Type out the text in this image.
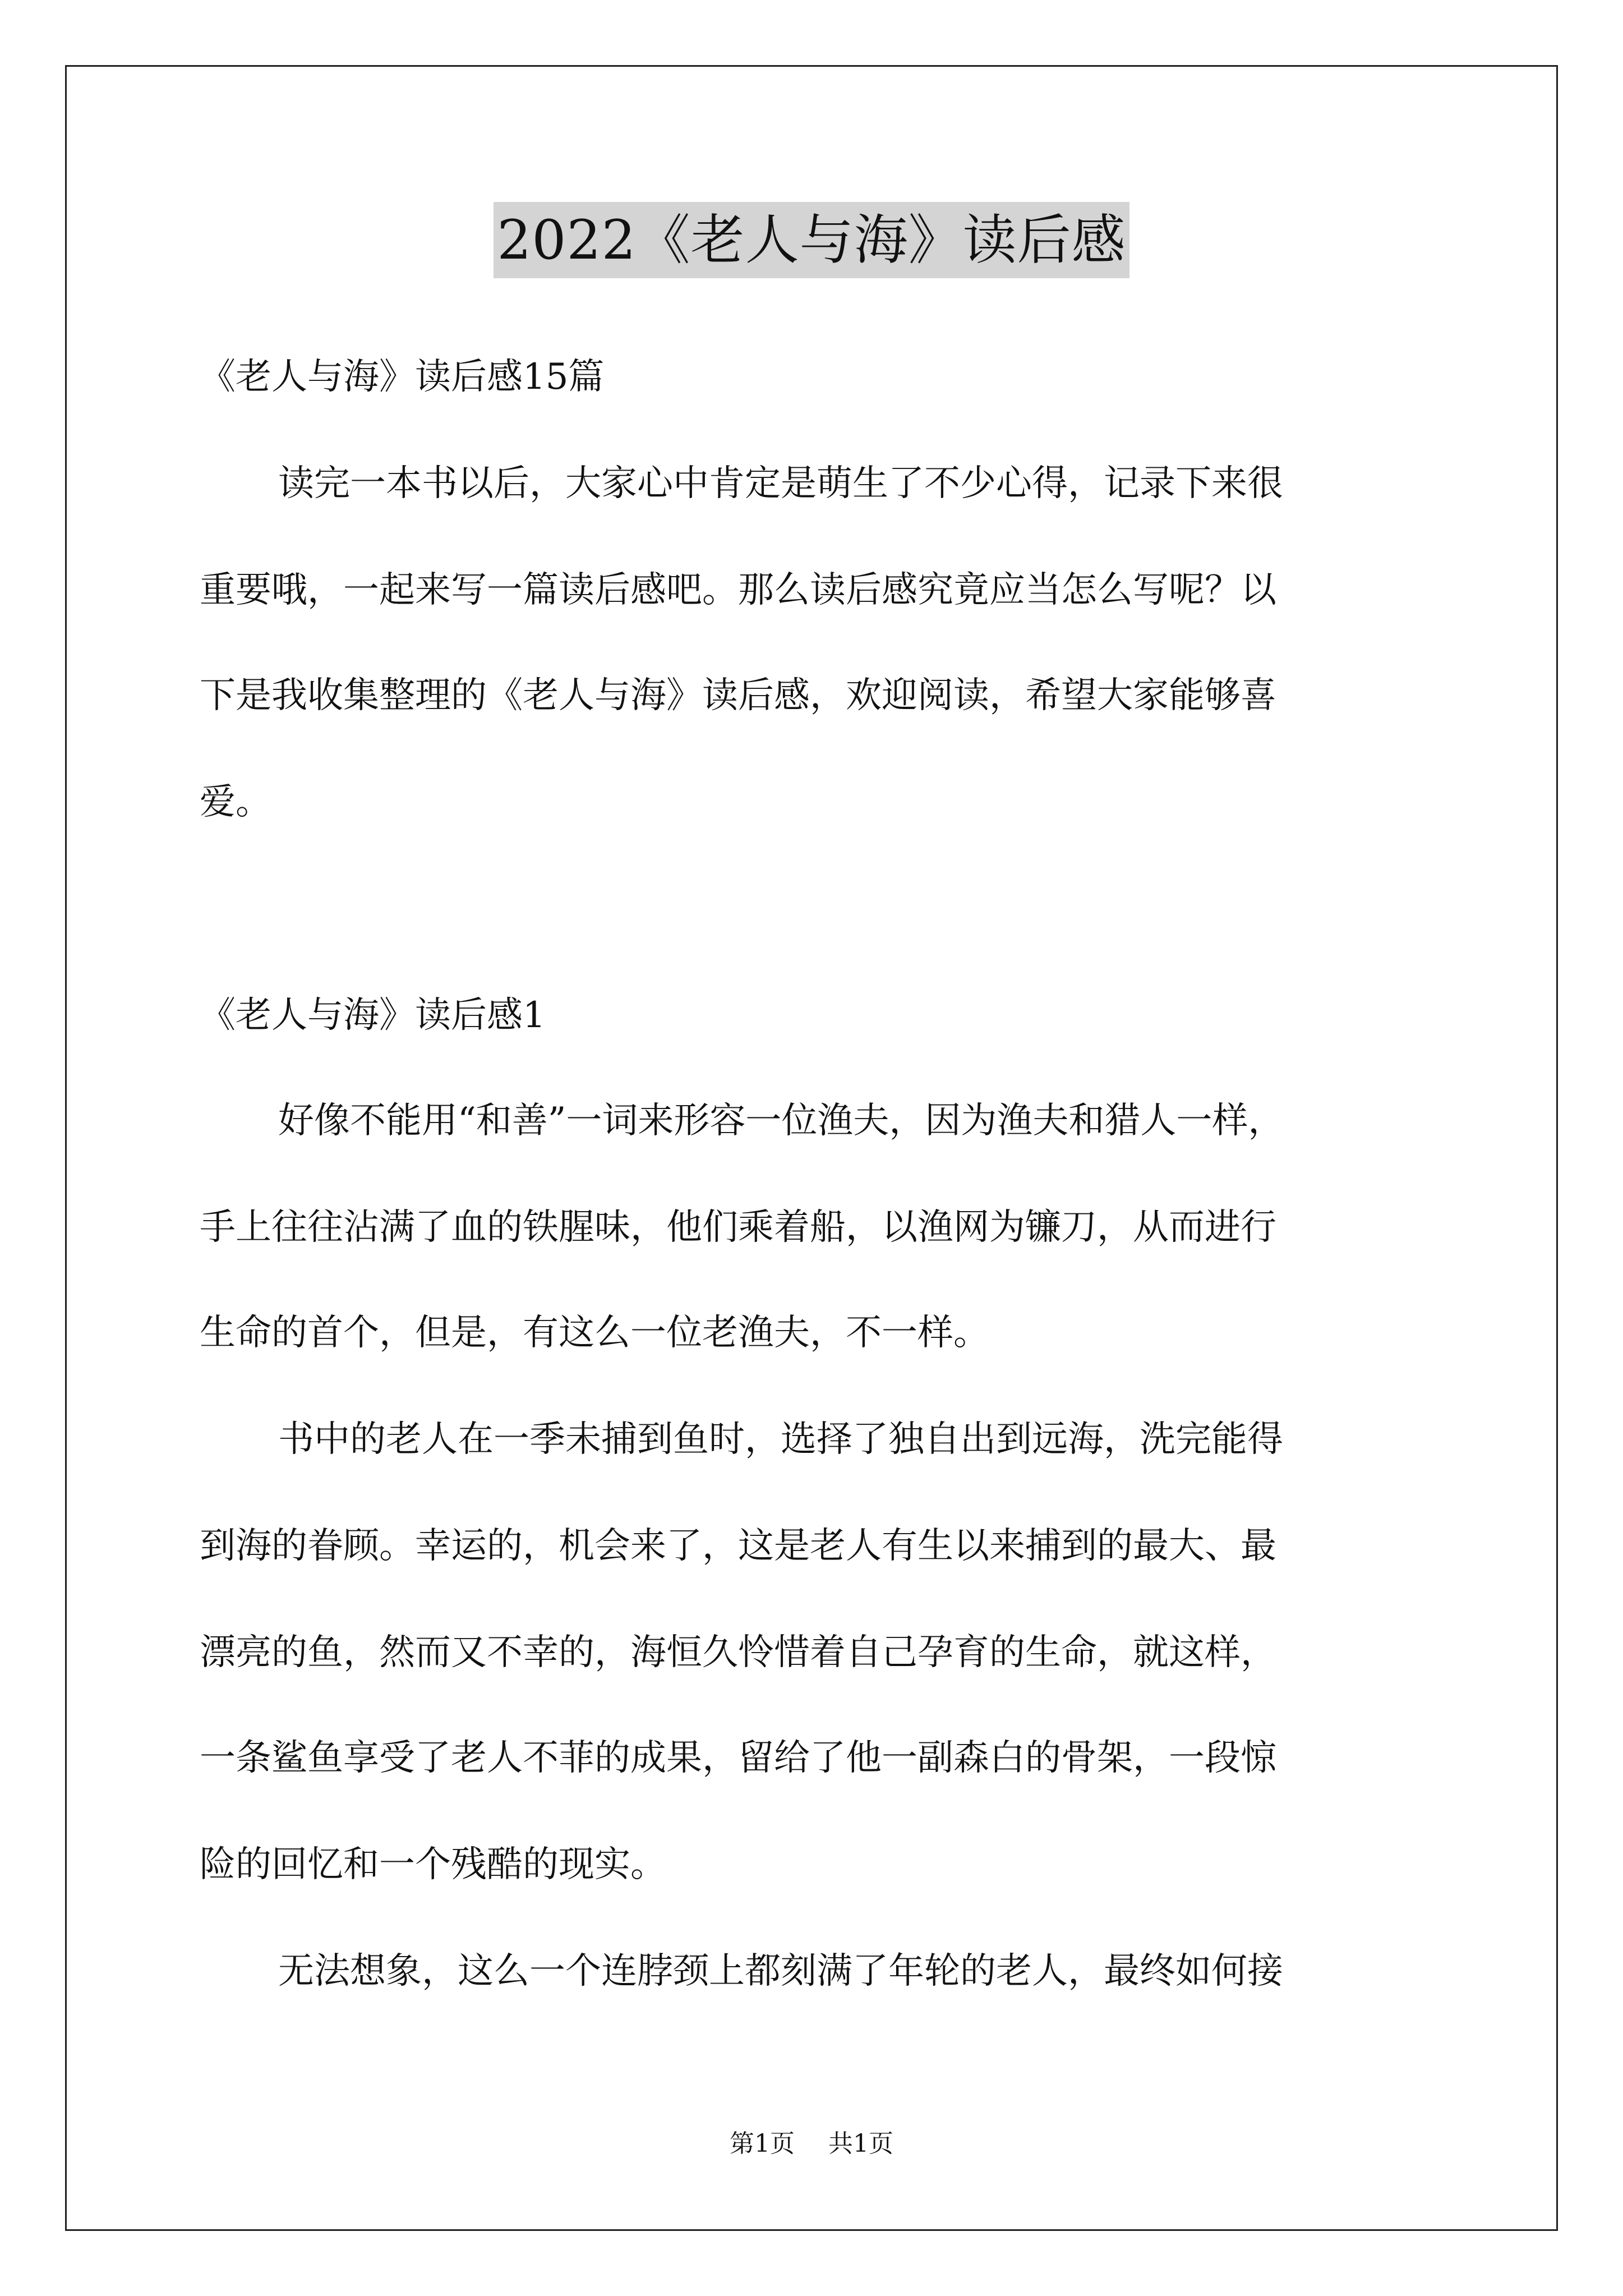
2022《老人与海》读后感
《老人与海》读后感15篇
读完一本书以后，大家心中肯定是萌生了不少心得，记录下来很
重要哦，一起来写一篇读后感吧。那么读后感究竟应当怎么写呢？以
下是我收集整理的《老人与海》读后感，欢迎阅读，希望大家能够喜
爱。
《老人与海》读后感1
好像不能用“和善”一词来形容一位渔夫，因为渔夫和猎人一样，
手上往往沾满了血的铁腥味，他们乘着船，以渔网为镰刀，从而进行
生命的首个，但是，有这么一位老渔夫，不一样。
书中的老人在一季未捕到鱼时，选择了独自出到远海，洗完能得
到海的眷顾。幸运的，机会来了，这是老人有生以来捕到的最大、最
漂亮的鱼，然而又不幸的，海恒久怜惜着自己孕育的生命，就这样，
一条鲨鱼享受了老人不菲的成果，留给了他一副森白的骨架，一段惊
险的回忆和一个残酷的现实。
无法想象，这么一个连脖颈上都刻满了年轮的老人，最终如何接
第1页 共1页
